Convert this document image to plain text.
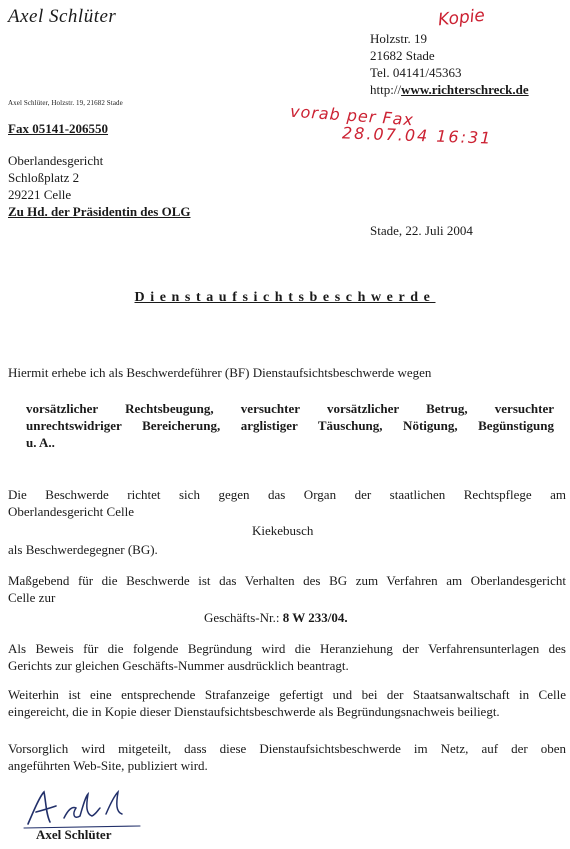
Axel Schlüter
Holzstr. 19
21682 Stade
Tel. 04141/45363
http://www.richterschreck.de
Kopie
vorab per Fax
28.07.04 16:31
Axel Schlüter, Holzstr. 19, 21682 Stade
Fax 05141-206550
Oberlandesgericht
Schloßplatz 2
29221 Celle
Zu Hd. der Präsidentin des OLG
Stade, 22. Juli 2004
Dienstaufsichtsbeschwerde
Hiermit erhebe ich als Beschwerdeführer (BF) Dienstaufsichtsbeschwerde wegen
vorsätzlicher Rechtsbeugung, versuchter vorsätzlicher Betrug, versuchter
unrechtswidriger Bereicherung, arglistiger Täuschung, Nötigung, Begünstigung
u. A..
Die Beschwerde richtet sich gegen das Organ der staatlichen Rechtspflege am
Oberlandesgericht Celle
Kiekebusch
als Beschwerdegegner (BG).
Maßgebend für die Beschwerde ist das Verhalten des BG zum Verfahren am Oberlandesgericht
Celle zur
Geschäfts-Nr.: 8 W 233/04.
Als Beweis für die folgende Begründung wird die Heranziehung der Verfahrensunterlagen des
Gerichts zur gleichen Geschäfts-Nummer ausdrücklich beantragt.
Weiterhin ist eine entsprechende Strafanzeige gefertigt und bei der Staatsanwaltschaft in Celle
eingereicht, die in Kopie dieser Dienstaufsichtsbeschwerde als Begründungsnachweis beiliegt.
Vorsorglich wird mitgeteilt, dass diese Dienstaufsichtsbeschwerde im Netz, auf der oben
angeführten Web-Site, publiziert wird.
Axel Schlüter
